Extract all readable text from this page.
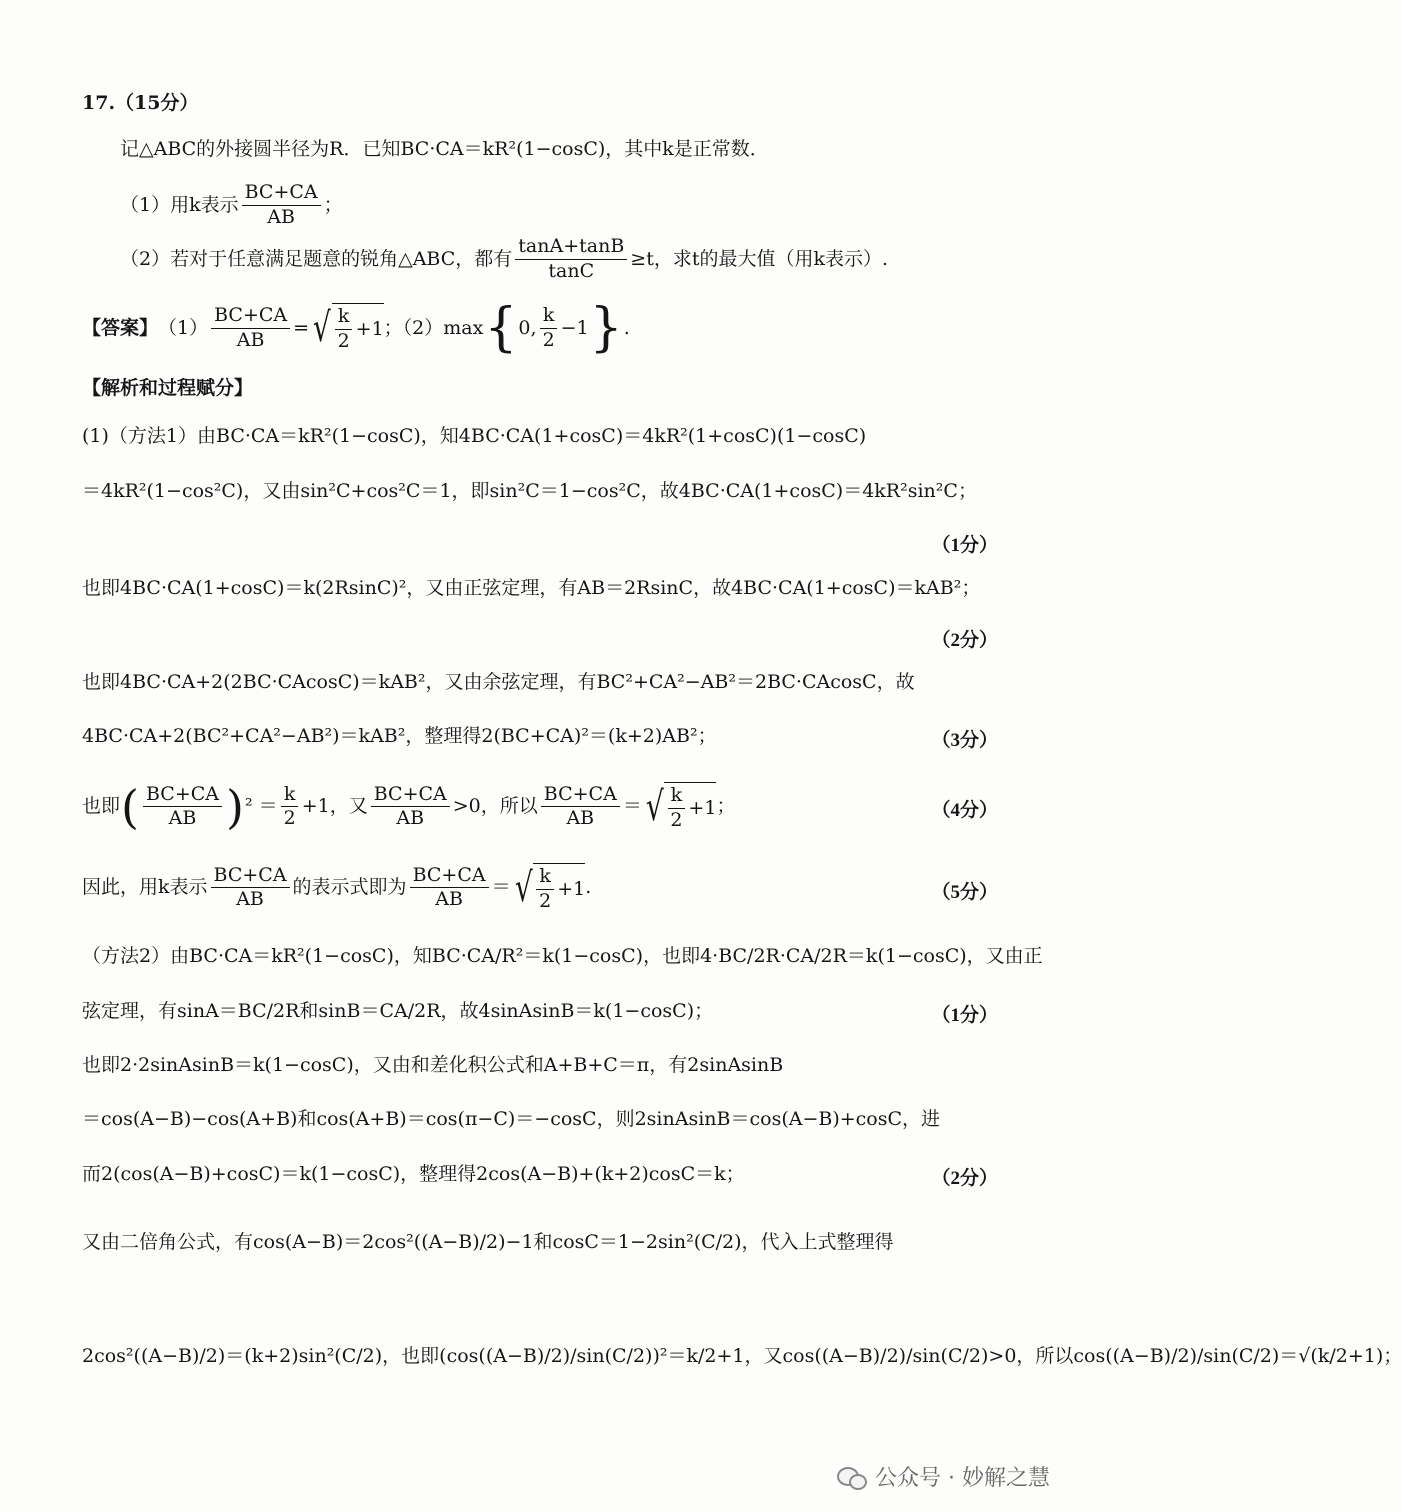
17.（15分）
记△ABC的外接圆半径为R．已知BC·CA＝kR²(1−cosC)，其中k是正常数．
（1）用k表示 $\frac{BC+CA}{AB}$ ；
（2）若对于任意满足题意的锐角△ABC，都有 $\frac{\tan A+\tan B}{\tan C} \ge t$，求t的最大值（用k表示）.
【答案】 $(1) \frac{BC+CA}{AB}$ = √ $\frac{k}{2} +1$ ；（2）max { 0, $\frac{k}{2} -1$ } .
【解析和过程赋分】
(1)（方法1）由BC·CA＝kR²(1−cosC)，知4BC·CA(1+cosC)＝4kR²(1+cosC)(1−cosC)
＝4kR²(1−cos²C)，又由sin²C+cos²C＝1，即sin²C＝1−cos²C，故4BC·CA(1+cosC)＝4kR²sin²C；
（1分）
也即4BC·CA(1+cosC)＝k(2RsinC)²，又由正弦定理，有AB＝2RsinC，故4BC·CA(1+cosC)＝kAB²；
（2分）
也即4BC·CA+2(2BC·CAcosC)＝kAB²，又由余弦定理，有BC²+CA²−AB²＝2BC·CAcosC，故
4BC·CA+2(BC²+CA²−AB²)＝kAB²，整理得2(BC+CA)²＝(k+2)AB²；	（3分）
也即 ( $\frac{BC+CA}{AB}$ ) $^2 = \frac{k}{2} +1$，又 $\frac{BC+CA}{AB} >0$，所以 $\frac{BC+CA}{AB}$ ＝ √ $\frac{k}{2} +1$ ；	（4分）
因此，用k表示 $\frac{BC+CA}{AB}$ 的表示式即为 $\frac{BC+CA}{AB}$ ＝ √ $\frac{k}{2} +1$ .	（5分）
（方法2）由BC·CA＝kR²(1−cosC)，知BC·CA/R²＝k(1−cosC)，也即4·BC/2R·CA/2R＝k(1−cosC)，又由正
弦定理，有sinA＝BC/2R和sinB＝CA/2R，故4sinAsinB＝k(1−cosC)；	（1分）
也即2·2sinAsinB＝k(1−cosC)，又由和差化积公式和A+B+C＝π，有2sinAsinB
＝cos(A−B)−cos(A+B)和cos(A+B)＝cos(π−C)＝−cosC，则2sinAsinB＝cos(A−B)+cosC，进
而2(cos(A−B)+cosC)＝k(1−cosC)，整理得2cos(A−B)+(k+2)cosC＝k；	（2分）
又由二倍角公式，有cos(A−B)＝2cos²((A−B)/2)−1和cosC＝1−2sin²(C/2)，代入上式整理得
2cos²((A−B)/2)＝(k+2)sin²(C/2)，也即(cos((A−B)/2)/sin(C/2))²＝k/2+1，又cos((A−B)/2)/sin(C/2)>0，所以cos((A−B)/2)/sin(C/2)＝√(k/2+1)；
公众号 · 妙解之慧
